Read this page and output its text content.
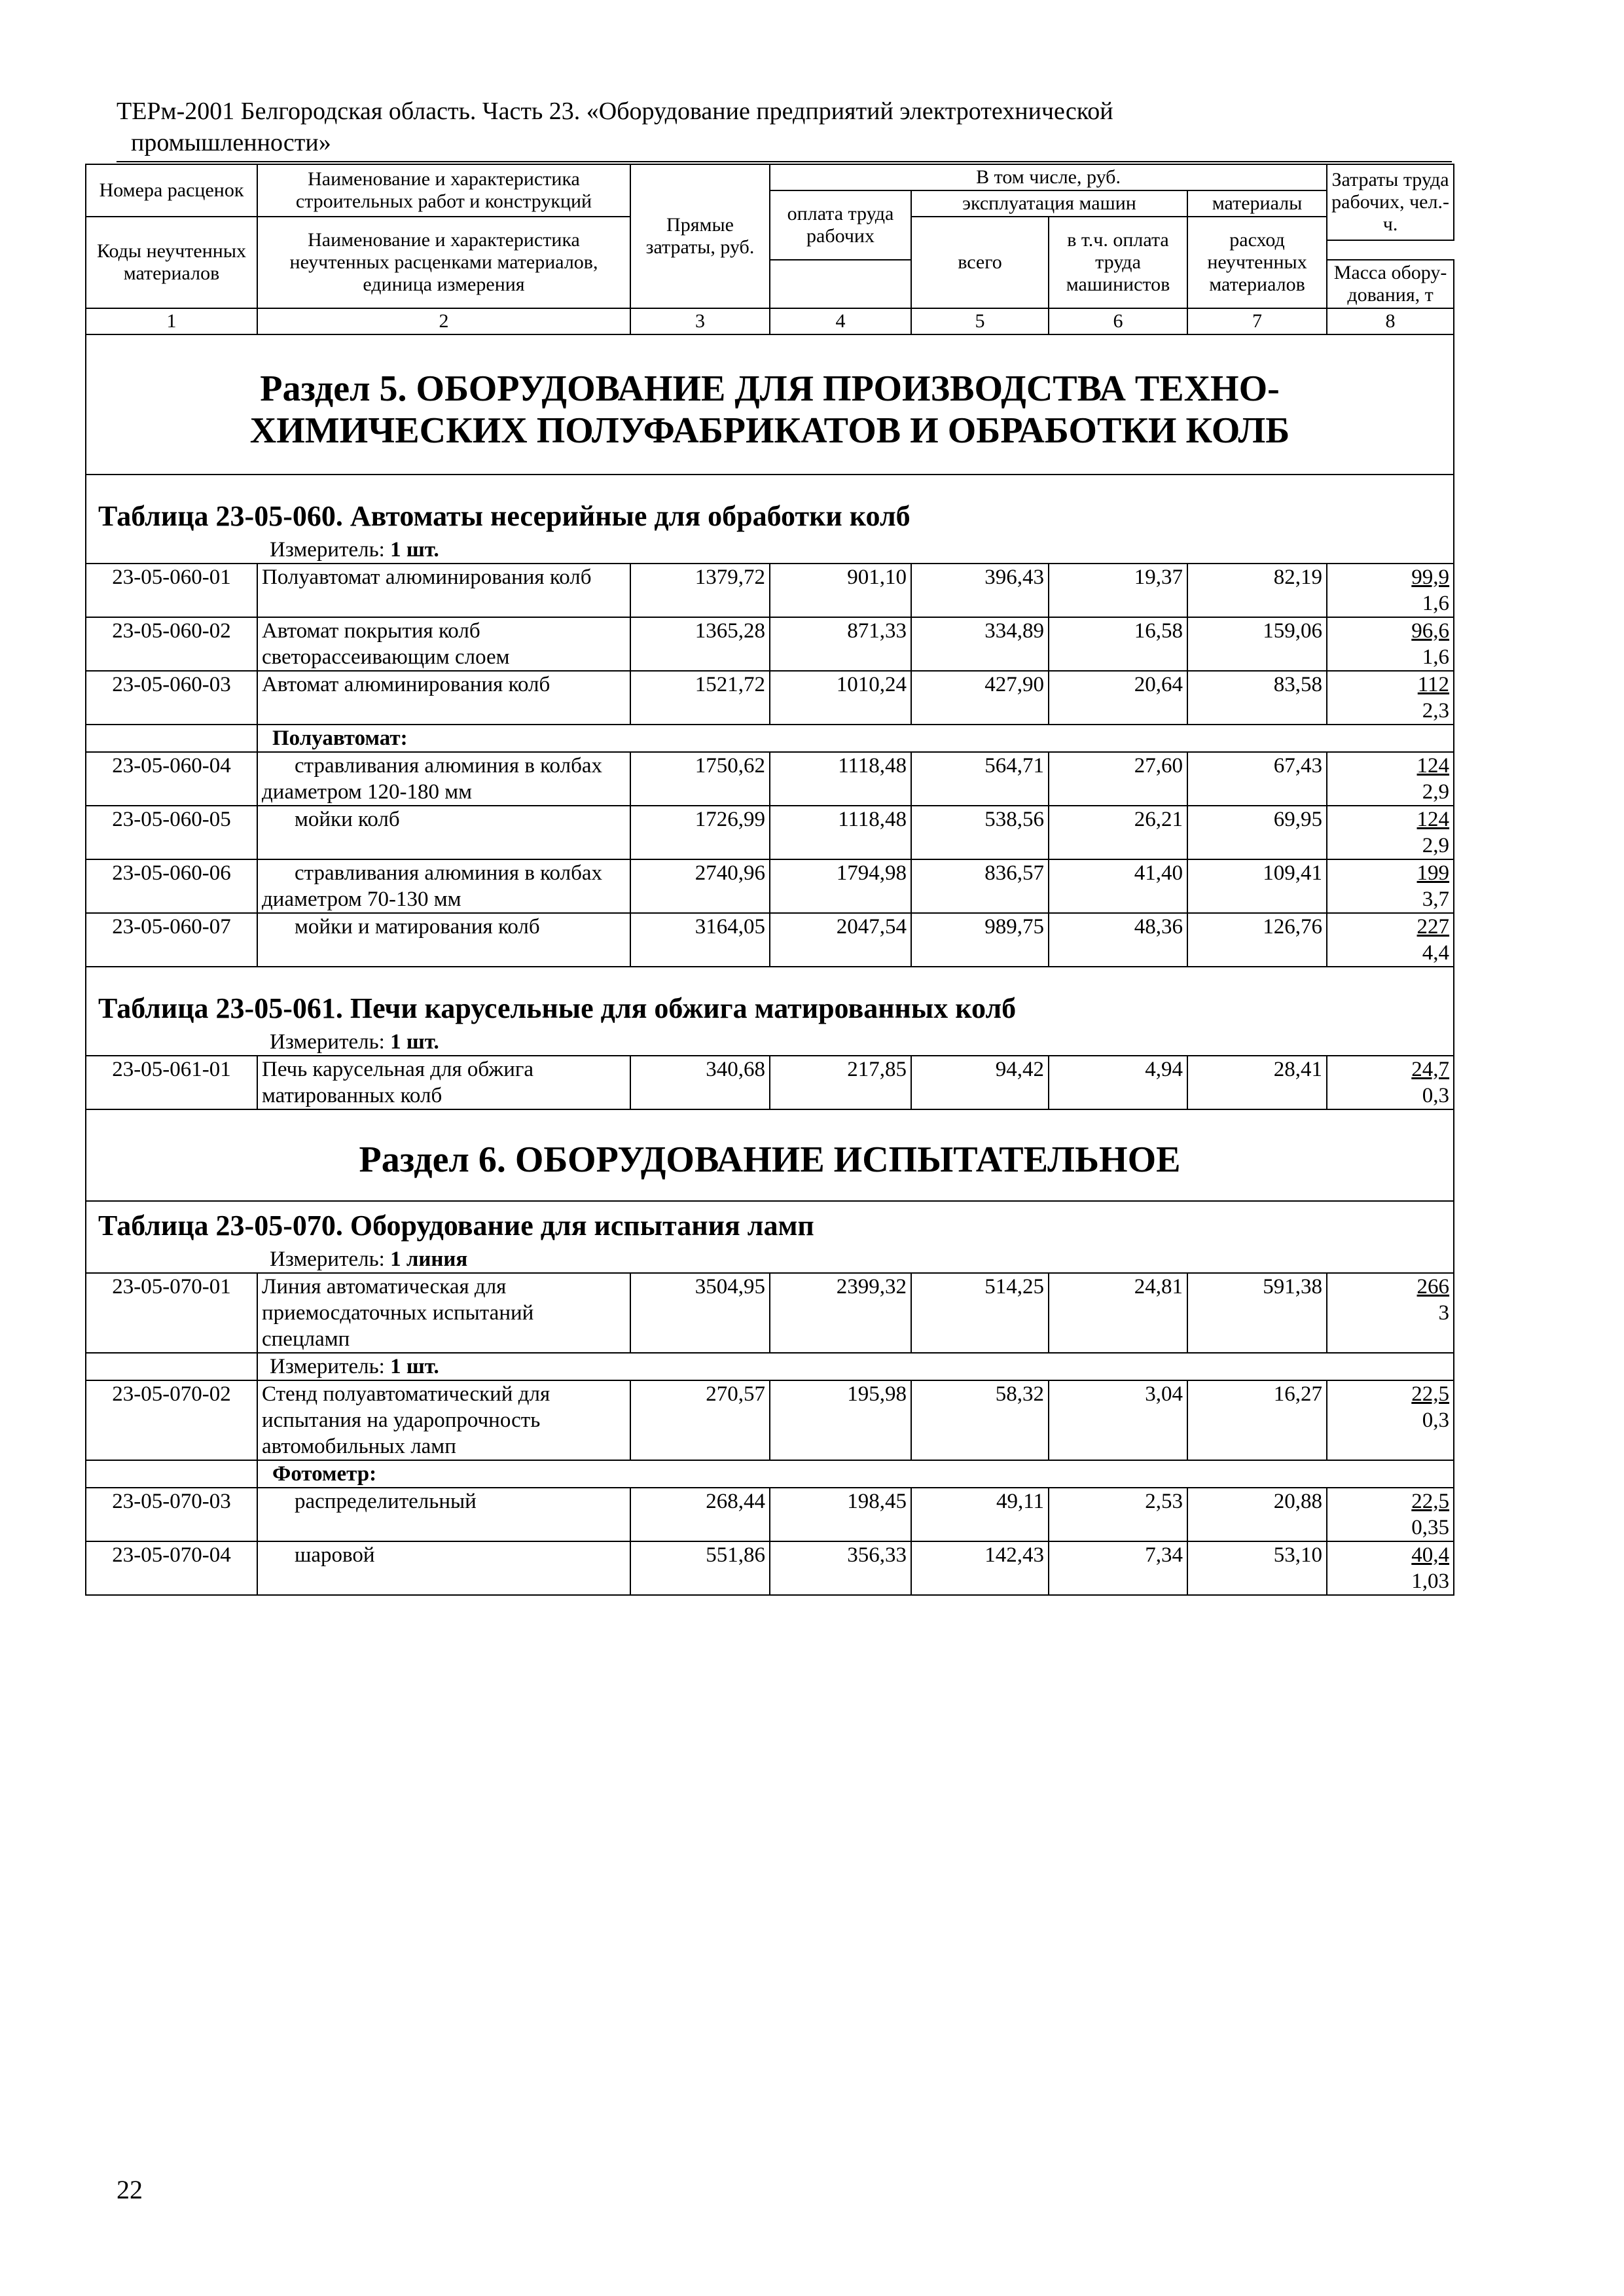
ТЕРм-2001 Белгородская область. Часть 23. «Оборудование предприятий электротехнической
промышленности»
Номера расценок	Наименование и характеристика строительных работ и конструкций	Прямые затраты, руб.	В том числе, руб.				Затраты труда рабочих, чел.-ч.
			оплата труда рабочих	эксплуатация машин		материалы	
Коды неучтенных материалов	Наименование и характеристика неучтенных расценками материалов, единица измерения			всего	в т.ч. оплата труда машинистов	расход неучтенных материалов	

							Масса обору-дования, т
1	2	3	4	5	6	7	8

Раздел 5. ОБОРУДОВАНИЕ ДЛЯ ПРОИЗВОДСТВА ТЕХНО-
ХИМИЧЕСКИХ ПОЛУФАБРИКАТОВ И ОБРАБОТКИ КОЛБ							

Таблица 23-05-060. Автоматы несерийные для обработки колб							
Измеритель: 1 шт.							
23-05-060-01	Полуавтомат алюминирования колб	1379,72	901,10	396,43	19,37	82,19	99,9
1,6

23-05-060-02	Автомат покрытия колб светорассеивающим слоем	1365,28	871,33	334,89	16,58	159,06	96,6
1,6

23-05-060-03	Автомат алюминирования колб	1521,72	1010,24	427,90	20,64	83,58	112
2,3

	Полуавтомат:						
23-05-060-04	стравливания алюминия в колбах диаметром 120-180 мм	1750,62	1118,48	564,71	27,60	67,43	124
2,9

23-05-060-05	мойки колб	1726,99	1118,48	538,56	26,21	69,95	124
2,9

23-05-060-06	стравливания алюминия в колбах диаметром 70-130 мм	2740,96	1794,98	836,57	41,40	109,41	199
3,7

23-05-060-07	мойки и матирования колб	3164,05	2047,54	989,75	48,36	126,76	227
4,4

Таблица 23-05-061. Печи карусельные для обжига матированных колб							
Измеритель: 1 шт.							
23-05-061-01	Печь карусельная для обжига матированных колб	340,68	217,85	94,42	4,94	28,41	24,7
0,3

Раздел 6. ОБОРУДОВАНИЕ ИСПЫТАТЕЛЬНОЕ							
Таблица 23-05-070. Оборудование для испытания ламп							
Измеритель: 1 линия							
23-05-070-01	Линия автоматическая для приемосдаточных испытаний спецламп	3504,95	2399,32	514,25	24,81	591,38	266
3

	Измеритель: 1 шт.						
23-05-070-02	Стенд полуавтоматический для испытания на ударопрочность автомобильных ламп	270,57	195,98	58,32	3,04	16,27	22,5
0,3

	Фотометр:						
23-05-070-03	распределительный	268,44	198,45	49,11	2,53	20,88	22,5
0,35

23-05-070-04	шаровой	551,86	356,33	142,43	7,34	53,10	40,4
1,03
22
